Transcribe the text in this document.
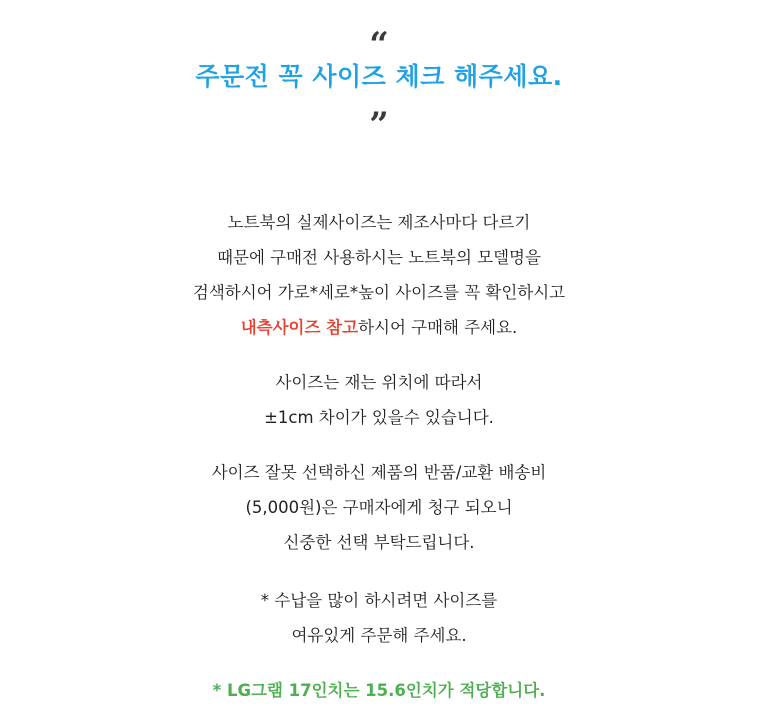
“
주문전 꼭 사이즈 체크 해주세요.
”
노트북의 실제사이즈는 제조사마다 다르기
때문에 구매전 사용하시는 노트북의 모델명을
검색하시어 가로*세로*높이 사이즈를 꼭 확인하시고
내측사이즈 참고하시어 구매해 주세요.
사이즈는 재는 위치에 따라서
±1cm 차이가 있을수 있습니다.
사이즈 잘못 선택하신 제품의 반품/교환 배송비
(5,000원)은 구매자에게 청구 되오니
신중한 선택 부탁드립니다.
* 수납을 많이 하시려면 사이즈를
여유있게 주문해 주세요.
* LG그램 17인치는 15.6인치가 적당합니다.
